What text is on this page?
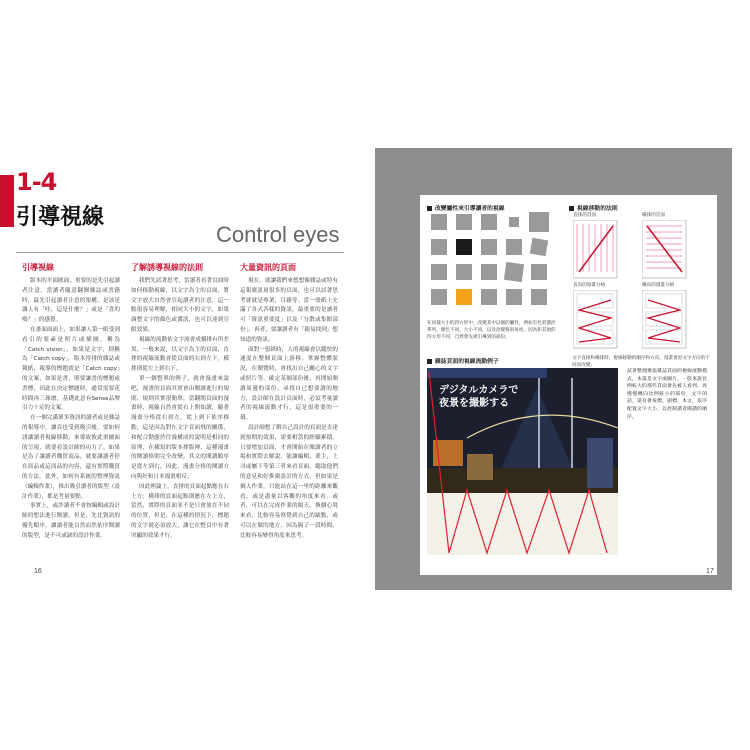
1-4
引導視線
Control eyes
引導視線

版本的平面匯面，重要的是先引起讀者注意。當讀者隨意翻閱雜誌或書籍時，最先引起讀者注意的架構，是該是讓人有「哇，這是什麼？」或是「喜的嗎？」的感覺。

在畫面面面上，如果讓人第一眼受到看引的要素是照片或插圖，稱為「Catch vision」，如果是文字，則稱為「Catch copy」。版本得排的雜誌或報紙，報導的標題就是「Catch copy」的文案，如果是書，則要讓書的標題或書標，因此在決定標題時，通常需要花時間再三琢磨，基礎此意有Sense品牌引力十足的文案。

在一個完滿眾多資訊的讀者或是雜誌的報導中，讓吞也受到吸引後，要如何誘讓讀者視線移動，來導致彼此重圖面的呈現，就要看設計師的功力了。如果是為了讓讀者購買商品，就要讓讀者停在商品或這商品的內容，還有實際購買的方法。此外，如何有系統的整理資訊（編輯作業），推出吸引讀者的版型（設計作業），都是考量要點。

事實上，或許讀者不會按編輯或設計師的想法進行閱讀，但是，先比資訊的優先順序，讓讀者能自然而然依序閱讀的版型，是不可或缺的設計作業。

了解誘導視線的法則

我們先試著思考，當讀者看著頁面時如何移動視線，以文字為主的頁面，將文字放大自然會引起讀者的注意，這一點很容易理解，相同大小的文字，如果調整文字的顏色或濃淡，也可以達到引眼效果。

視線的流動依文字流會成橫排有所差異，一般來說，以文字為主的頁面，直排的視線流動會從頁面的右到左下，橫排則從左上到右下。

單一個整單的例子，就會漫畫來說吧，漫畫的頁面其實會由閱讀進行的規則，規則其實很簡單，當翻開頁面的漫畫時，視線自然會從右上開始讀，隨著漫畫分格從右到左，從上到下依序移動，這是因為對在文字頁面飛的關係，和配合動態於往漫構成的說明是相同的原理，在橫寫的版本排版裡，這種漫畫的閱讀格則完全改變，其文的閱讀順序是從左到右，因此，漫畫分格的閱讀方向與好和日本漫畫相反。

因此理論上，直排的頁面起點應在右上方；橫排的頁面起點則應在左上方，當然，實際的頁面並不是只會放在不同的位置，但是，在這種的情況下，標題的文字就必須放大，讓它在整頁中有著突顯的效果才行。

大量資訊的頁面

現在，就讓我們來想想像雜誌或特有這報廣訊量很多的頁面，也可以試著思考就就是專業，目錄等。當一張紙上充滿了各式各樣的資訊，最重要的是讀者可「資訊重要度」以及「分散或集館部份」，再者，要讓讀者有「親易找到」想知道的資訊。

面對一張紙時，人的視線會以縱快的速度在整個頁面上游移，掌握整體狀況，在閱覽時，會找出自己關心的文字或照片等，確定某個部份後，再開始閱讀周邊的部份。尋找自己想要讀的地方，設計師在設計頁面時，必須考量讀者的視線流動才行，這是很重要的一環。

設計師想了解自己設計的頁面是否達到預期的效果，需要相當的經驗累積。只要增加頁面，才會開始在閱讀者的立場和實際去解說，能讓編輯、業主，上司或屬下等第三者來看頁面，聽取他們的意見和好推廣設計的方式，但如果是個人作業，只能站在這一里的距離來觀看，或是盡量以客觀的角度來看。或者，可以在完成作業的隔天，換個心境來看，比較容易察覺到自己的缺點，或可以在做的地方，因為隔了一段時間，比較容易變得角度來思考。

16
改變屬性來引導讀者的視線
在同樣大小的四方形中，改變其中以個的屬性，例如有色彩濃淡系列，顏色不同，大小不同，以及改變移斜角度，因為和其他的四方形不同，自然會先被引導到的部份。
視線移動的法則
直排的頁面	橫排的頁面
直向的漫畫分格	橫向的漫畫分格
文字直排和橫排時，視線移動的順序和方向，漫畫會因文字方向的不同而改變。
雜誌頁面的視線流動例子
デジタルカメラで
夜景を撮影する
試著整理幾張雜誌頁面的視線流動模式，本篇是文字或圖片，一般來說比例較大的那些頁面會先被人看到，再慢慢轉向比例較小的部份，文字的話，還有會按標，副標，本文，依序配置文字大小，以控制讀者閱讀的順序。
17
